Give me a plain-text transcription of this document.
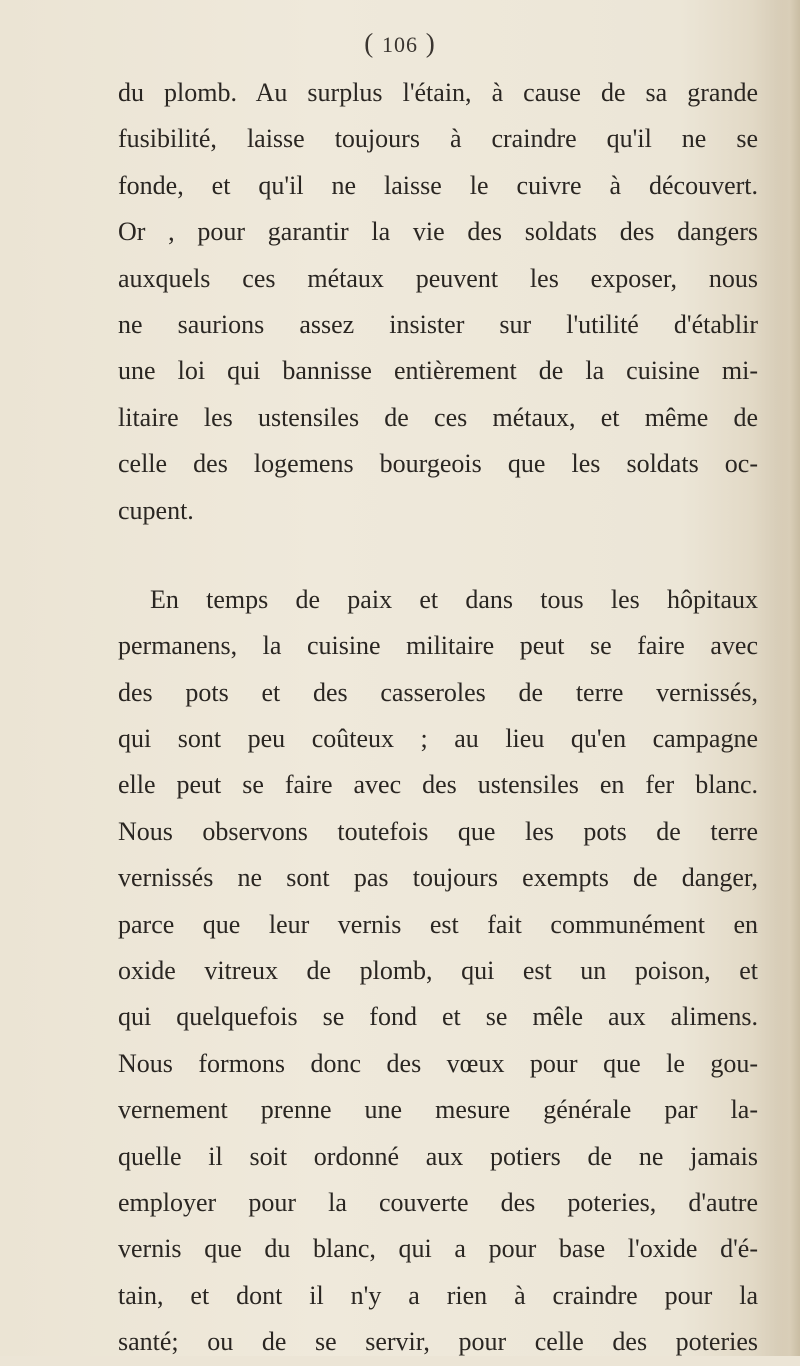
( 106 )
du plomb. Au surplus l'étain, à cause de sa grande
fusibilité, laisse toujours à craindre qu'il ne se
fonde, et qu'il ne laisse le cuivre à découvert.
Or , pour garantir la vie des soldats des dangers
auxquels ces métaux peuvent les exposer, nous
ne saurions assez insister sur l'utilité d'établir
une loi qui bannisse entièrement de la cuisine mi-
litaire les ustensiles de ces métaux, et même de
celle des logemens bourgeois que les soldats oc-
cupent.
En temps de paix et dans tous les hôpitaux
permanens, la cuisine militaire peut se faire avec
des pots et des casseroles de terre vernissés,
qui sont peu coûteux ; au lieu qu'en campagne
elle peut se faire avec des ustensiles en fer blanc.
Nous observons toutefois que les pots de terre
vernissés ne sont pas toujours exempts de danger,
parce que leur vernis est fait communément en
oxide vitreux de plomb, qui est un poison, et
qui quelquefois se fond et se mêle aux alimens.
Nous formons donc des vœux pour que le gou-
vernement prenne une mesure générale par la-
quelle il soit ordonné aux potiers de ne jamais
employer pour la couverte des poteries, d'autre
vernis que du blanc, qui a pour base l'oxide d'é-
tain, et dont il n'y a rien à craindre pour la
santé; ou de se servir, pour celle des poteries
